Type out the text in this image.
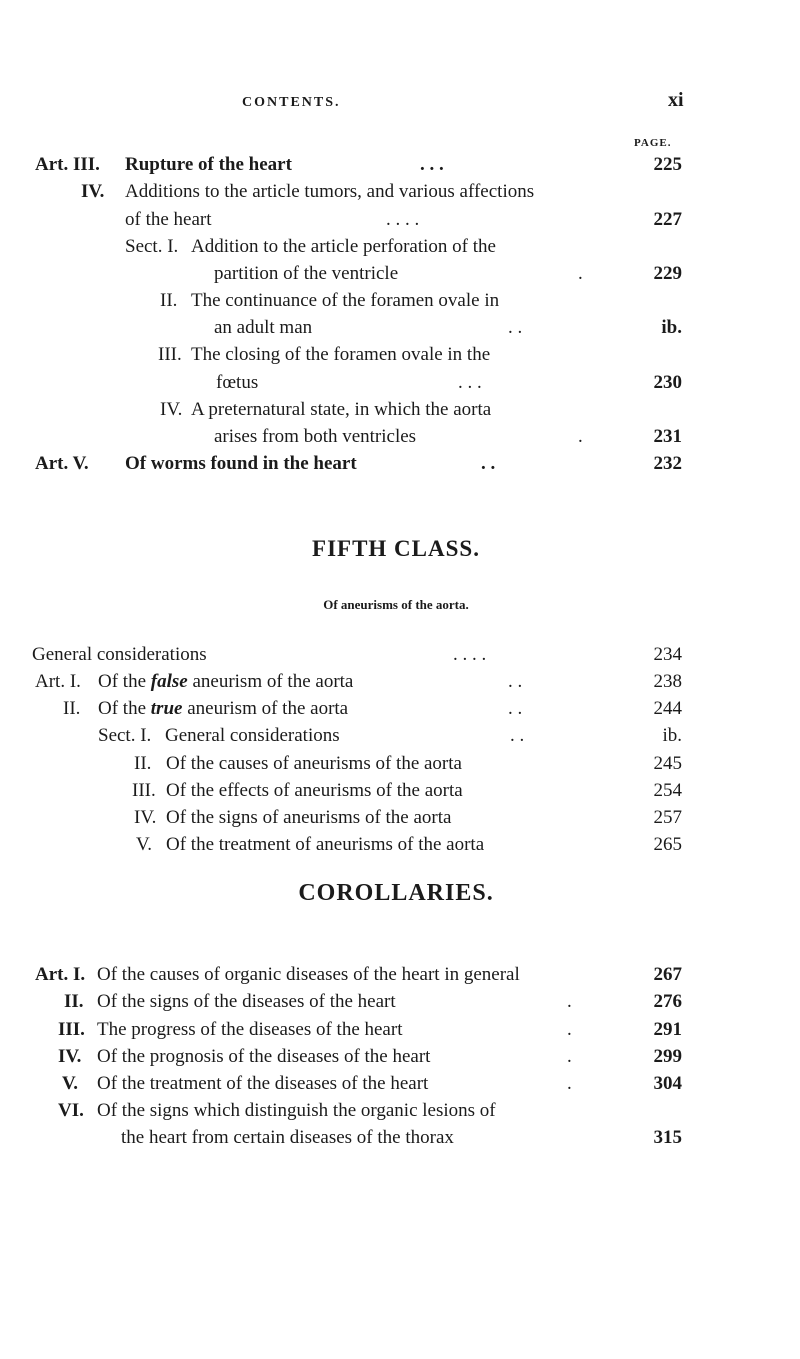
CONTENTS.	xi
PAGE.
Art. III. Rupture of the heart	. . .	225
IV. Additions to the article tumors, and various affections
of the heart	. . . .	227
Sect. I. Addition to the article perforation of the
partition of the ventricle	.	229
II. The continuance of the foramen ovale in
an adult man	. .	ib.
III. The closing of the foramen ovale in the
fœtus	. . .	230
IV. A preternatural state, in which the aorta
arises from both ventricles	.	231
Art. V. Of worms found in the heart	. .	232
FIFTH CLASS.
Of aneurisms of the aorta.
General considerations	. . . .	234
Art. I. Of the false aneurism of the aorta	. .	238
II. Of the true aneurism of the aorta	. .	244
Sect. I. General considerations	. .	ib.
II. Of the causes of aneurisms of the aorta	245
III. Of the effects of aneurisms of the aorta	254
IV. Of the signs of aneurisms of the aorta	257
V. Of the treatment of aneurisms of the aorta	265
COROLLARIES.
Art. I. Of the causes of organic diseases of the heart in general	267
II. Of the signs of the diseases of the heart	.	276
III. The progress of the diseases of the heart	.	291
IV. Of the prognosis of the diseases of the heart	.	299
V. Of the treatment of the diseases of the heart	.	304
VI. Of the signs which distinguish the organic lesions of
the heart from certain diseases of the thorax	315
